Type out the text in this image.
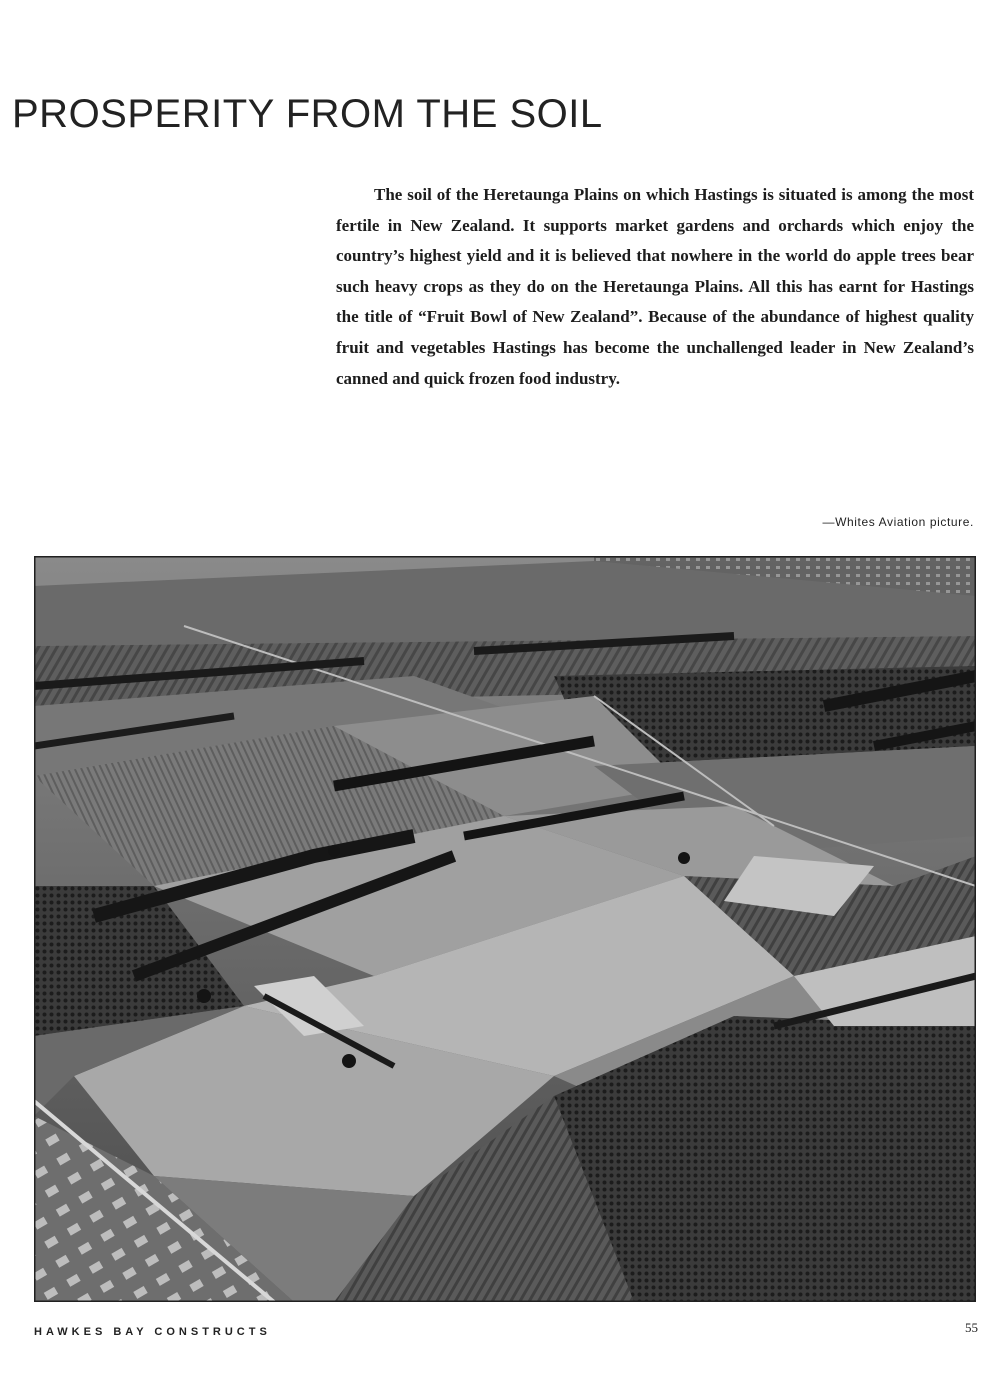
PROSPERITY FROM THE SOIL

The soil of the Heretaunga Plains on which Hastings is situated is among the most fertile in New Zealand. It supports market gardens and orchards which enjoy the country’s highest yield and it is believed that nowhere in the world do apple trees bear such heavy crops as they do on the Heretaunga Plains. All this has earnt for Hastings the title of “Fruit Bowl of New Zealand”. Because of the abundance of highest quality fruit and vegetables Hastings has become the unchallenged leader in New Zealand’s canned and quick frozen food industry.

—Whites Aviation picture.
HAWKES BAY CONSTRUCTS	55
